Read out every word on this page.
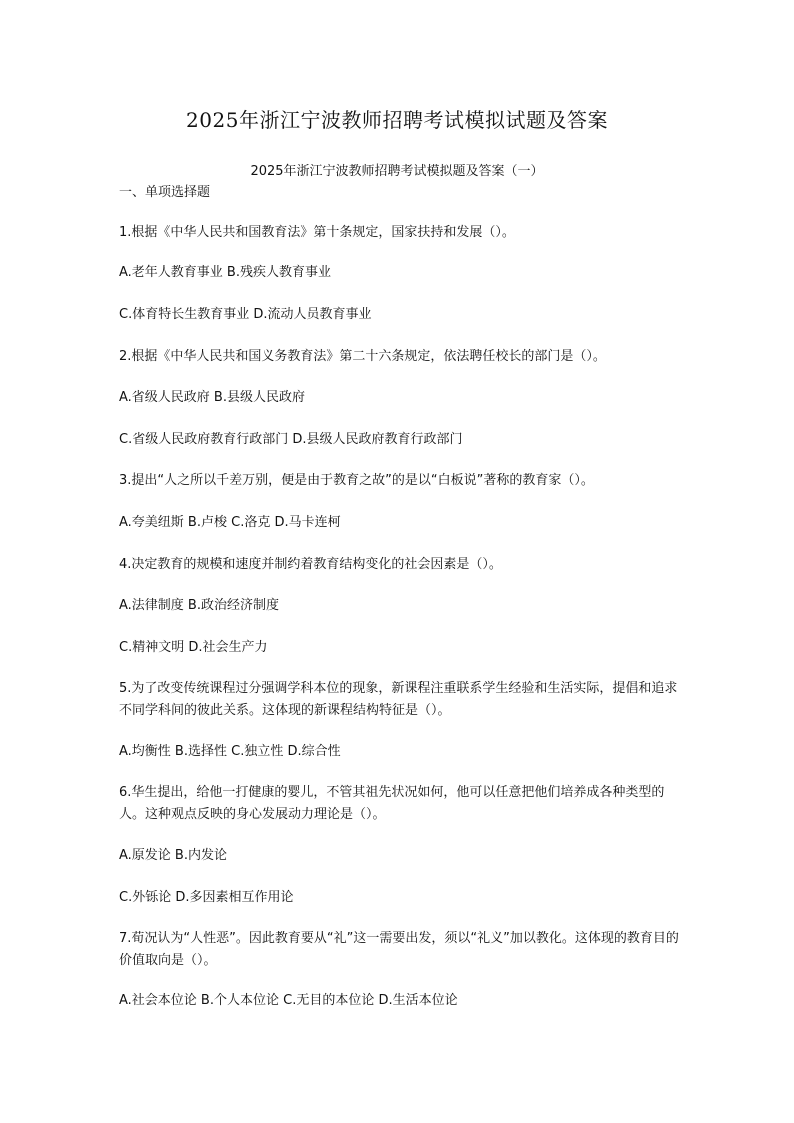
2025年浙江宁波教师招聘考试模拟试题及答案
2025年浙江宁波教师招聘考试模拟题及答案（一）
一、单项选择题
1.根据《中华人民共和国教育法》第十条规定，国家扶持和发展（）。
A.老年人教育事业 B.残疾人教育事业
C.体育特长生教育事业 D.流动人员教育事业
2.根据《中华人民共和国义务教育法》第二十六条规定，依法聘任校长的部门是（）。
A.省级人民政府 B.县级人民政府
C.省级人民政府教育行政部门 D.县级人民政府教育行政部门
3.提出“人之所以千差万别，便是由于教育之故”的是以“白板说”著称的教育家（）。
A.夸美纽斯 B.卢梭 C.洛克 D.马卡连柯
4.决定教育的规模和速度并制约着教育结构变化的社会因素是（）。
A.法律制度 B.政治经济制度
C.精神文明 D.社会生产力
5.为了改变传统课程过分强调学科本位的现象，新课程注重联系学生经验和生活实际，提倡和追求不同学科间的彼此关系。这体现的新课程结构特征是（）。
A.均衡性 B.选择性 C.独立性 D.综合性
6.华生提出，给他一打健康的婴儿，不管其祖先状况如何，他可以任意把他们培养成各种类型的人。这种观点反映的身心发展动力理论是（）。
A.原发论 B.内发论
C.外铄论 D.多因素相互作用论
7.荀况认为“人性恶”。因此教育要从“礼”这一需要出发，须以“礼义”加以教化。这体现的教育目的价值取向是（）。
A.社会本位论 B.个人本位论 C.无目的本位论 D.生活本位论
